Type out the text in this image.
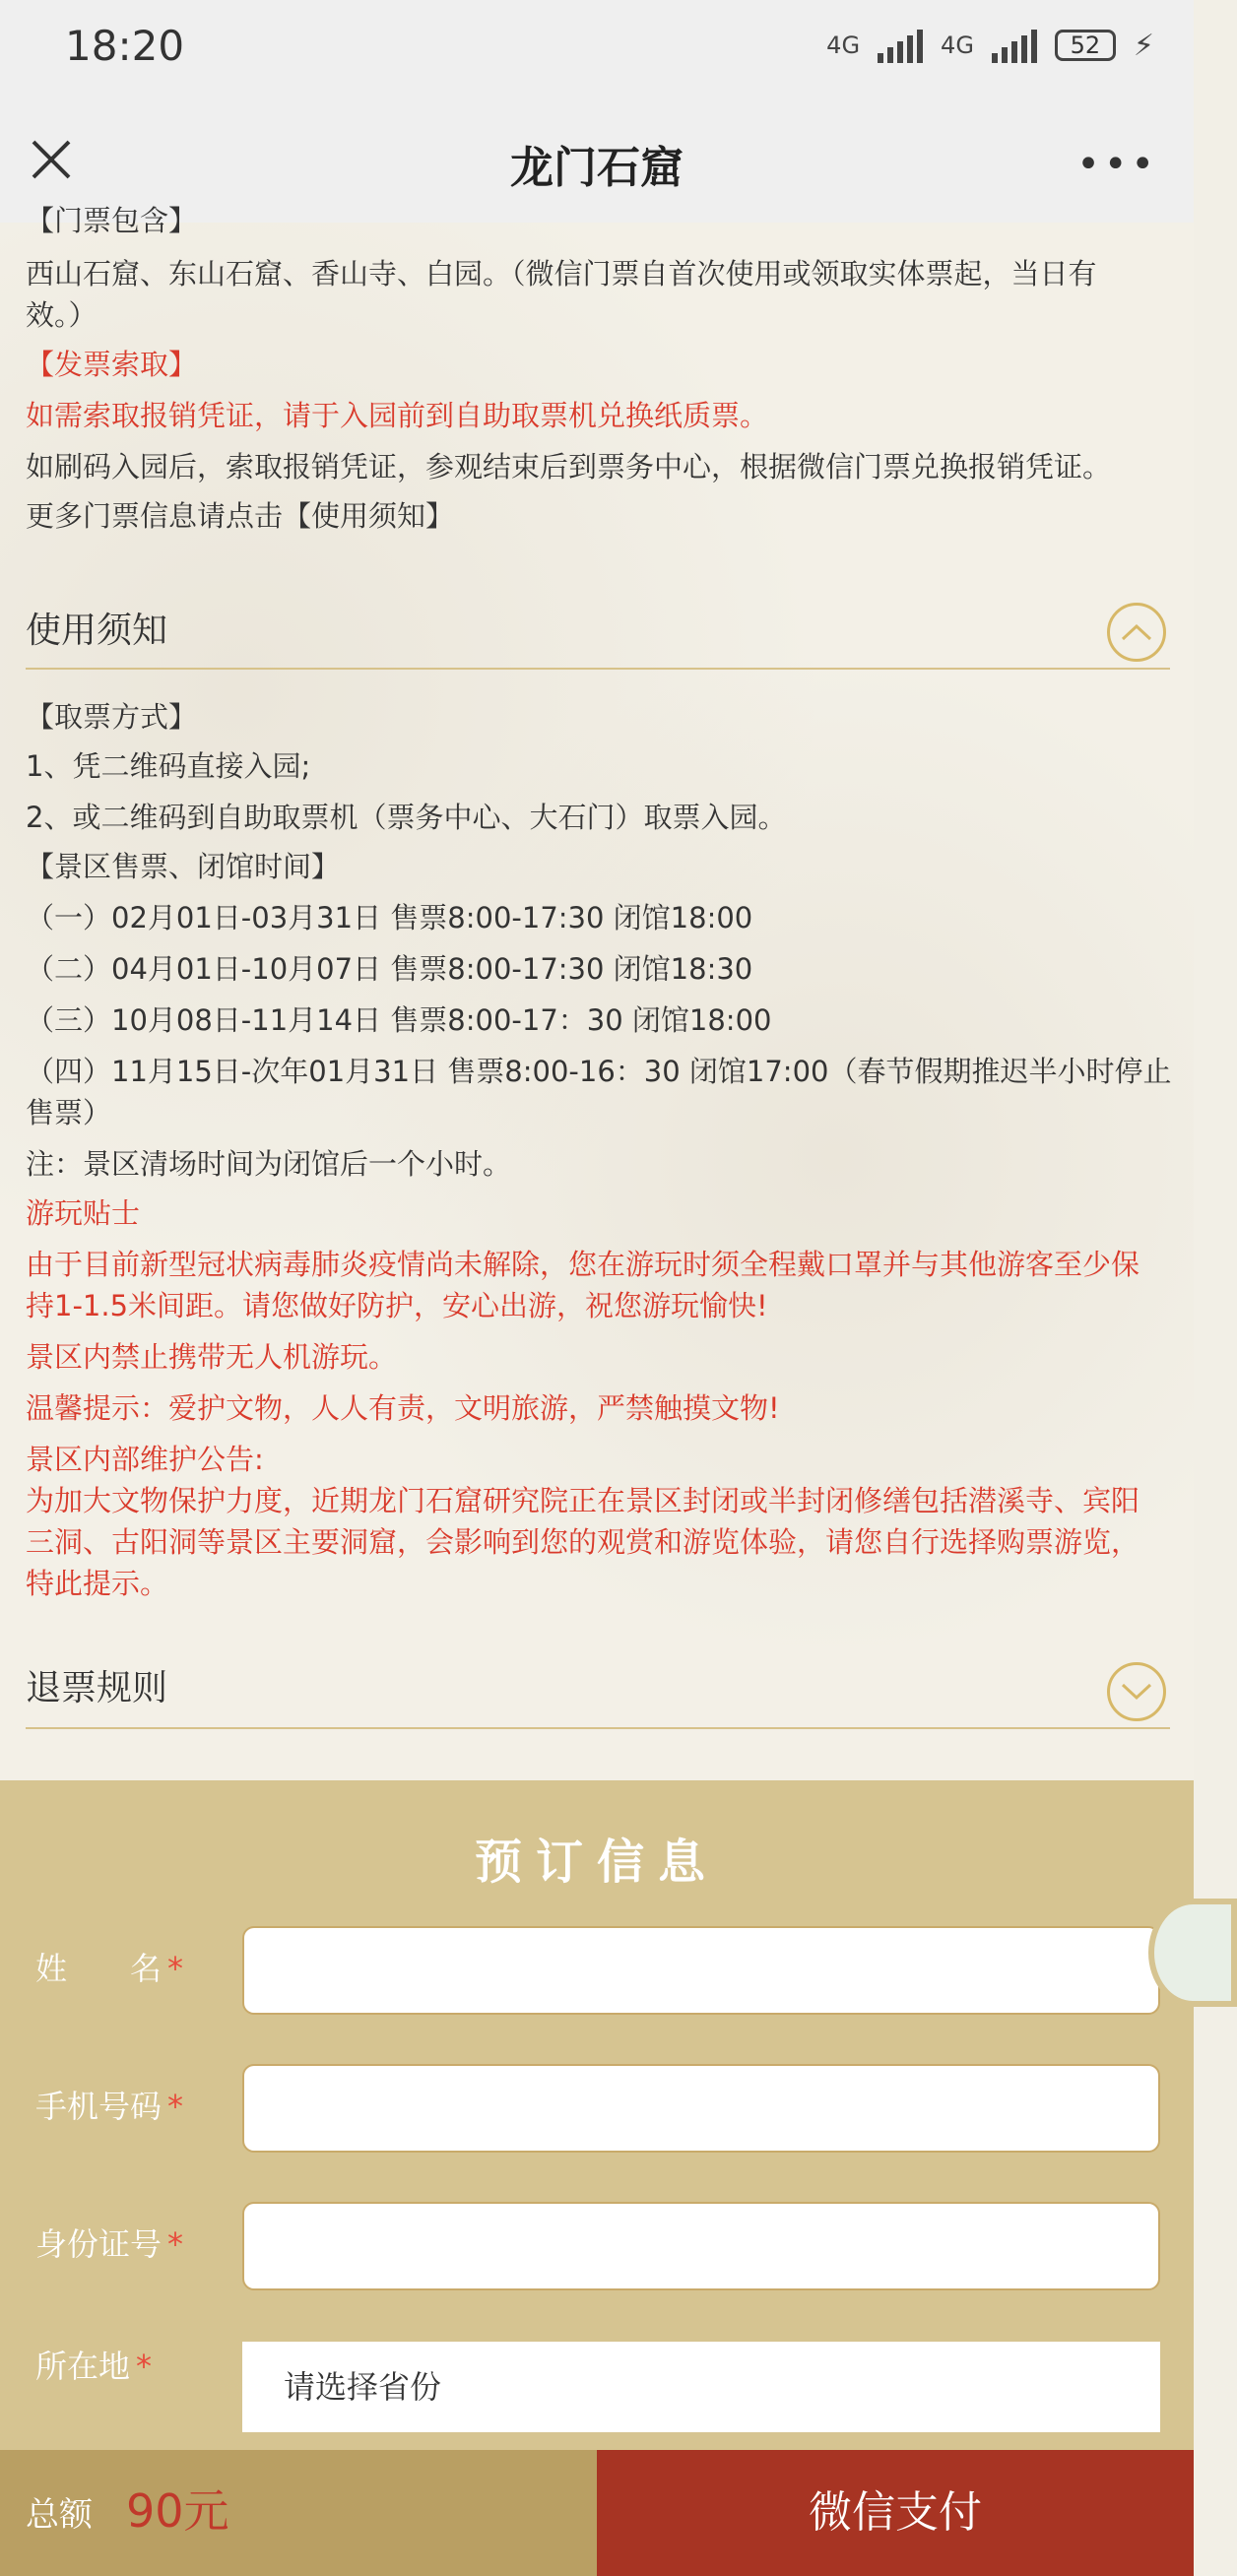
18:20	4G	4G	52 ⚡
龙门石窟	•••
【门票包含】
西山石窟、东山石窟、香山寺、白园。（微信门票自首次使用或领取实体票起，当日有
效。）
【发票索取】
如需索取报销凭证，请于入园前到自助取票机兑换纸质票。
如刷码入园后，索取报销凭证，参观结束后到票务中心，根据微信门票兑换报销凭证。
更多门票信息请点击【使用须知】
使用须知
【取票方式】
1、凭二维码直接入园;
2、或二维码到自助取票机（票务中心、大石门）取票入园。
【景区售票、闭馆时间】
（一）02月01日-03月31日 售票8:00-17:30 闭馆18:00
（二）04月01日-10月07日 售票8:00-17:30 闭馆18:30
（三）10月08日-11月14日 售票8:00-17：30 闭馆18:00
（四）11月15日-次年01月31日 售票8:00-16：30 闭馆17:00（春节假期推迟半小时停止
售票）
注：景区清场时间为闭馆后一个小时。
游玩贴士
由于目前新型冠状病毒肺炎疫情尚未解除，您在游玩时须全程戴口罩并与其他游客至少保
持1-1.5米间距。请您做好防护，安心出游，祝您游玩愉快!
景区内禁止携带无人机游玩。
温馨提示：爱护文物，人人有责，文明旅游，严禁触摸文物!
景区内部维护公告:
为加大文物保护力度，近期龙门石窟研究院正在景区封闭或半封闭修缮包括潜溪寺、宾阳
三洞、古阳洞等景区主要洞窟，会影响到您的观赏和游览体验，请您自行选择购票游览，
特此提示。
退票规则
预订信息
姓　　名 *
手机号码 *
身份证号 *
所在地 *
请选择省份
总额 90元	微信支付
